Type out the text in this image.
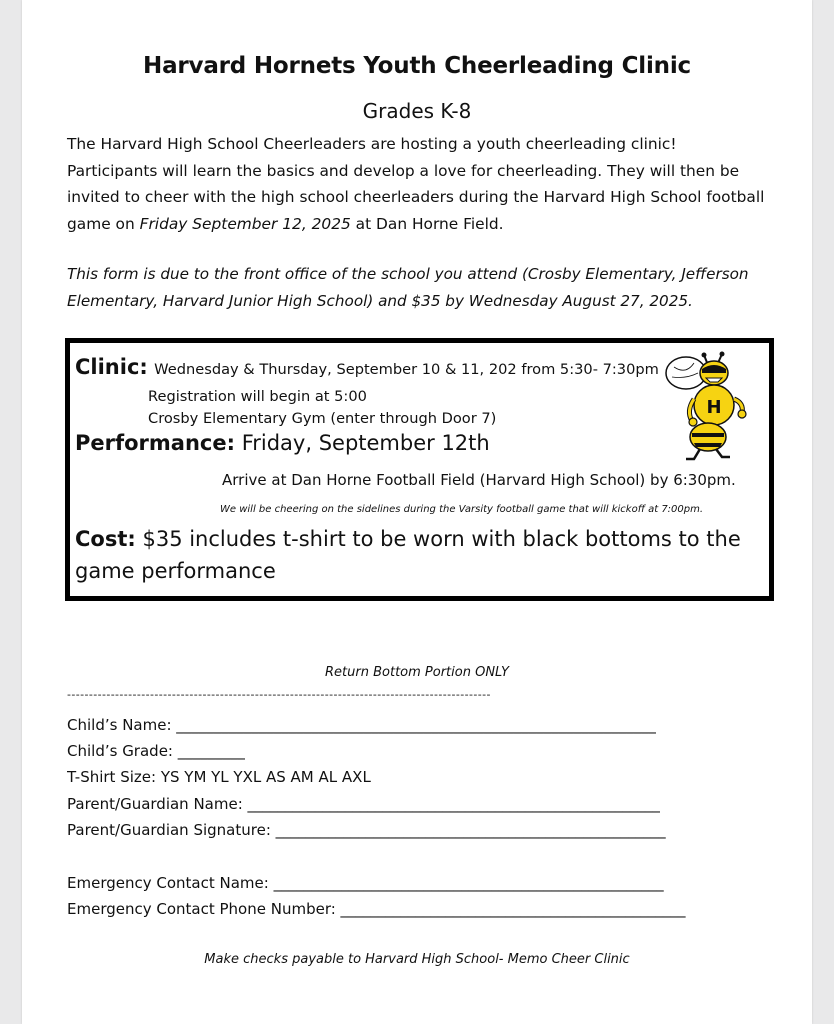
Harvard Hornets Youth Cheerleading Clinic
Grades K-8
The Harvard High School Cheerleaders are hosting a youth cheerleading clinic! Participants will learn the basics and develop a love for cheerleading. They will then be invited to cheer with the high school cheerleaders during the Harvard High School football game on Friday September 12, 2025 at Dan Horne Field.
This form is due to the front office of the school you attend (Crosby Elementary, Jefferson Elementary, Harvard Junior High School) and $35 by Wednesday August 27, 2025.
Clinic: Wednesday & Thursday, September 10 & 11, 202 from 5:30- 7:30pm
Registration will begin at 5:00
Crosby Elementary Gym (enter through Door 7)
Performance: Friday, September 12th
Arrive at Dan Horne Football Field (Harvard High School) by 6:30pm.
We will be cheering on the sidelines during the Varsity football game that will kickoff at 7:00pm.
Cost: $35 includes t-shirt to be worn with black bottoms to the game performance
H
Return Bottom Portion ONLY
-------------------------------------------------------------------------------------------------
Child’s Name: ________________________________________________________________
Child’s Grade: _________
T-Shirt Size: YS YM YL YXL AS AM AL AXL
Parent/Guardian Name: _______________________________________________________
Parent/Guardian Signature: ____________________________________________________
Emergency Contact Name: ____________________________________________________
Emergency Contact Phone Number: ______________________________________________
Make checks payable to Harvard High School- Memo Cheer Clinic
